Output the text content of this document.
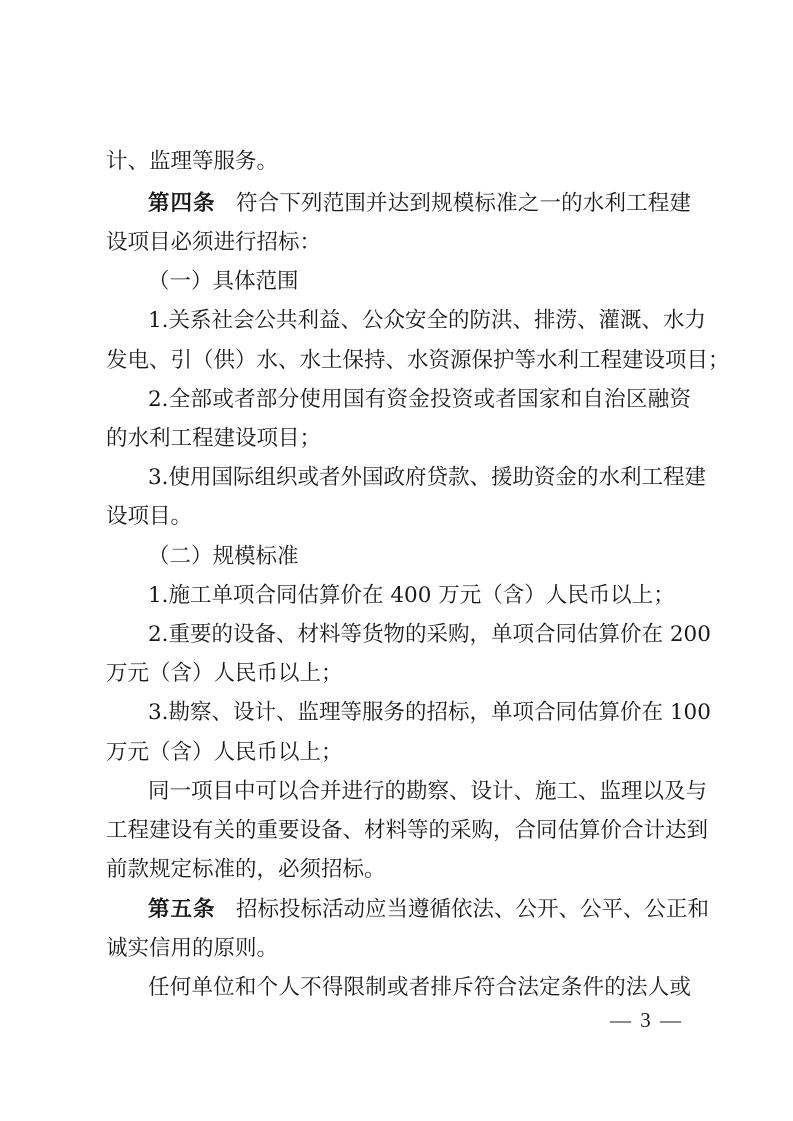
计、监理等服务。

第四条 符合下列范围并达到规模标准之一的水利工程建

设项目必须进行招标：

（一）具体范围

1.关系社会公共利益、公众安全的防洪、排涝、灌溉、水力

发电、引（供）水、水土保持、水资源保护等水利工程建设项目；

2.全部或者部分使用国有资金投资或者国家和自治区融资

的水利工程建设项目；

3.使用国际组织或者外国政府贷款、援助资金的水利工程建

设项目。

（二）规模标准

1.施工单项合同估算价在 400 万元（含）人民币以上；

2.重要的设备、材料等货物的采购，单项合同估算价在 200

万元（含）人民币以上；

3.勘察、设计、监理等服务的招标，单项合同估算价在 100

万元（含）人民币以上；

同一项目中可以合并进行的勘察、设计、施工、监理以及与

工程建设有关的重要设备、材料等的采购，合同估算价合计达到

前款规定标准的，必须招标。

第五条 招标投标活动应当遵循依法、公开、公平、公正和

诚实信用的原则。

任何单位和个人不得限制或者排斥符合法定条件的法人或

— 3 —
